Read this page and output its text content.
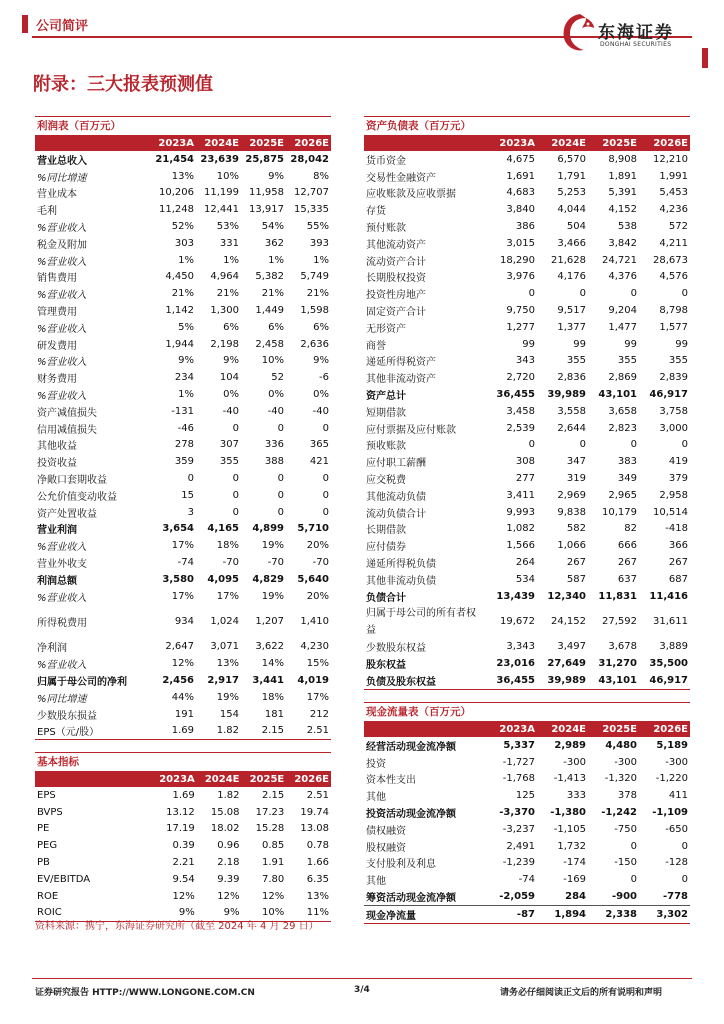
公司简评	东海证券
DONGHAI SECURITIES
附录：三大报表预测值
利润表（百万元）
	2023A	2024E	2025E	2026E
营业总收入	21,454	23,639	25,875	28,042
%同比增速	13%	10%	9%	8%
营业成本	10,206	11,199	11,958	12,707
毛利	11,248	12,441	13,917	15,335
%营业收入	52%	53%	54%	55%
税金及附加	303	331	362	393
%营业收入	1%	1%	1%	1%
销售费用	4,450	4,964	5,382	5,749
%营业收入	21%	21%	21%	21%
管理费用	1,142	1,300	1,449	1,598
%营业收入	5%	6%	6%	6%
研发费用	1,944	2,198	2,458	2,636
%营业收入	9%	9%	10%	9%
财务费用	234	104	52	-6
%营业收入	1%	0%	0%	0%
资产减值损失	-131	-40	-40	-40
信用减值损失	-46	0	0	0
其他收益	278	307	336	365
投资收益	359	355	388	421
净敞口套期收益	0	0	0	0
公允价值变动收益	15	0	0	0
资产处置收益	3	0	0	0
营业利润	3,654	4,165	4,899	5,710
%营业收入	17%	18%	19%	20%
营业外收支	-74	-70	-70	-70
利润总额	3,580	4,095	4,829	5,640
%营业收入	17%	17%	19%	20%
所得税费用	934	1,024	1,207	1,410
净利润	2,647	3,071	3,622	4,230
%营业收入	12%	13%	14%	15%
归属于母公司的净利	2,456	2,917	3,441	4,019
%同比增速	44%	19%	18%	17%
少数股东损益	191	154	181	212
EPS（元/股）	1.69	1.82	2.15	2.51
基本指标
	2023A	2024E	2025E	2026E
EPS	1.69	1.82	2.15	2.51
BVPS	13.12	15.08	17.23	19.74
PE	17.19	18.02	15.28	13.08
PEG	0.39	0.96	0.85	0.78
PB	2.21	2.18	1.91	1.66
EV/EBITDA	9.54	9.39	7.80	6.35
ROE	12%	12%	12%	13%
ROIC	9%	9%	10%	11%
资产负债表（百万元）
	2023A	2024E	2025E	2026E
货币资金	4,675	6,570	8,908	12,210
交易性金融资产	1,691	1,791	1,891	1,991
应收账款及应收票据	4,683	5,253	5,391	5,453
存货	3,840	4,044	4,152	4,236
预付账款	386	504	538	572
其他流动资产	3,015	3,466	3,842	4,211
流动资产合计	18,290	21,628	24,721	28,673
长期股权投资	3,976	4,176	4,376	4,576
投资性房地产	0	0	0	0
固定资产合计	9,750	9,517	9,204	8,798
无形资产	1,277	1,377	1,477	1,577
商誉	99	99	99	99
递延所得税资产	343	355	355	355
其他非流动资产	2,720	2,836	2,869	2,839
资产总计	36,455	39,989	43,101	46,917
短期借款	3,458	3,558	3,658	3,758
应付票据及应付账款	2,539	2,644	2,823	3,000
预收账款	0	0	0	0
应付职工薪酬	308	347	383	419
应交税费	277	319	349	379
其他流动负债	3,411	2,969	2,965	2,958
流动负债合计	9,993	9,838	10,179	10,514
长期借款	1,082	582	82	-418
应付债券	1,566	1,066	666	366
递延所得税负债	264	267	267	267
其他非流动负债	534	587	637	687
负债合计	13,439	12,340	11,831	11,416
归属于母公司的所有者权益	19,672	24,152	27,592	31,611
少数股东权益	3,343	3,497	3,678	3,889
股东权益	23,016	27,649	31,270	35,500
负债及股东权益	36,455	39,989	43,101	46,917
现金流量表（百万元）
	2023A	2024E	2025E	2026E
经营活动现金流净额	5,337	2,989	4,480	5,189
投资	-1,727	-300	-300	-300
资本性支出	-1,768	-1,413	-1,320	-1,220
其他	125	333	378	411
投资活动现金流净额	-3,370	-1,380	-1,242	-1,109
债权融资	-3,237	-1,105	-750	-650
股权融资	2,491	1,732	0	0
支付股利及利息	-1,239	-174	-150	-128
其他	-74	-169	0	0
筹资活动现金流净额	-2,059	284	-900	-778
现金净流量	-87	1,894	2,338	3,302
资料来源：携宁，东海证券研究所（截至 2024 年 4 月 29 日）
证券研究报告 HTTP://WWW.LONGONE.COM.CN	3/4	请务必仔细阅读正文后的所有说明和声明
